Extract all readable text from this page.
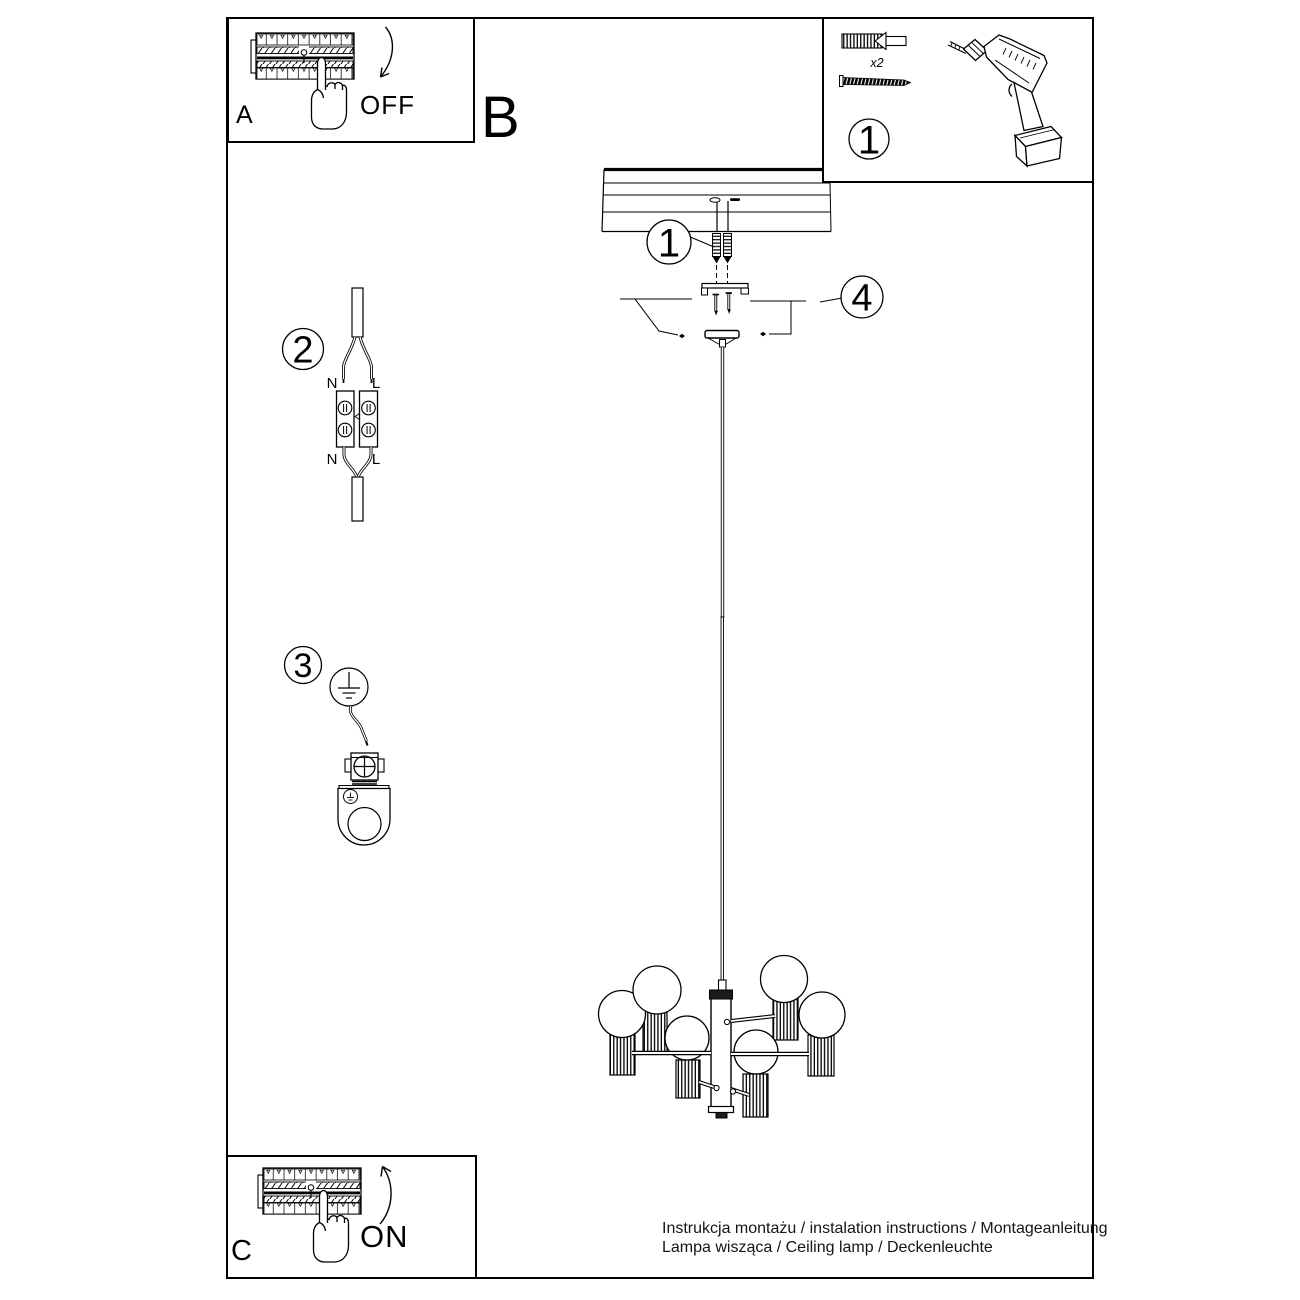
1
2
3
4
1
x2
N L
N L
A	B
C
OFF
ON	Instrukcja montażu / instalation instructions / Montageanleitung
Lampa wisząca / Ceiling lamp / Deckenleuchte
